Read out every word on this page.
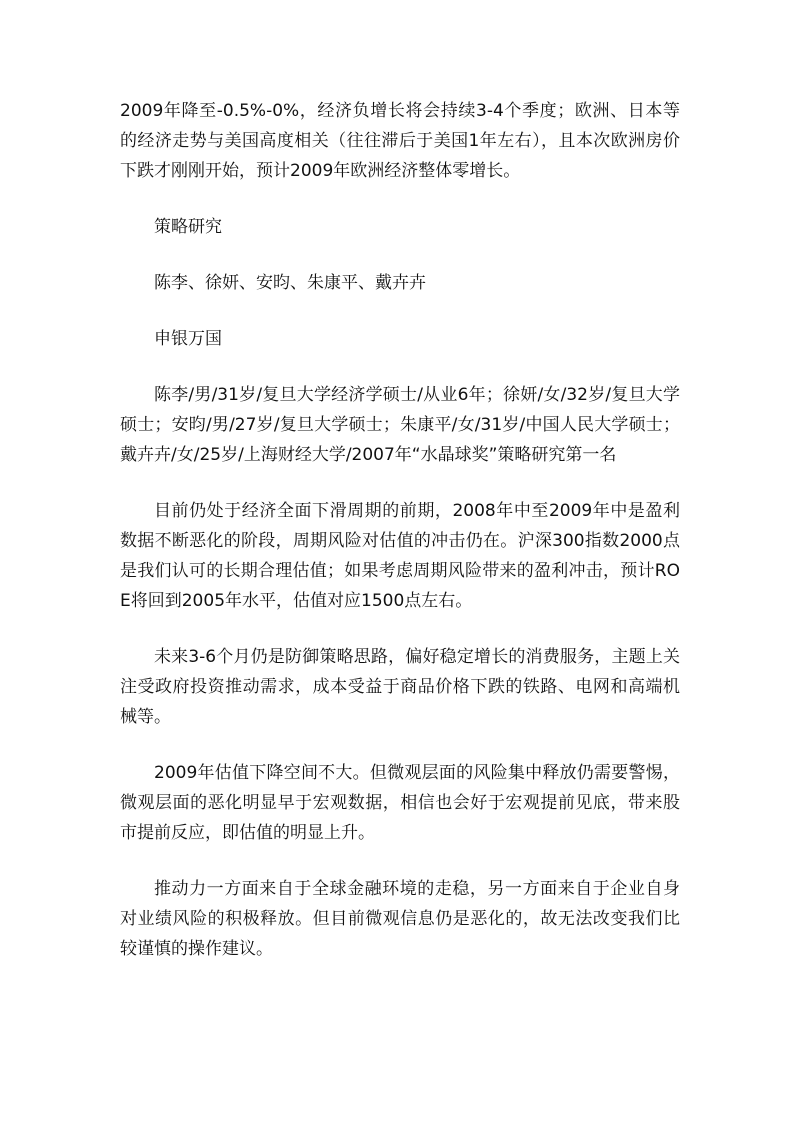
2009年降至-0.5%-0%，经济负增长将会持续3-4个季度；欧洲、日本等的经济走势与美国高度相关（往往滞后于美国1年左右），且本次欧洲房价下跌才刚刚开始，预计2009年欧洲经济整体零增长。

策略研究

陈李、徐妍、安昀、朱康平、戴卉卉

申银万国

陈李/男/31岁/复旦大学经济学硕士/从业6年；徐妍/女/32岁/复旦大学硕士；安昀/男/27岁/复旦大学硕士；朱康平/女/31岁/中国人民大学硕士；戴卉卉/女/25岁/上海财经大学/2007年“水晶球奖”策略研究第一名

目前仍处于经济全面下滑周期的前期，2008年中至2009年中是盈利数据不断恶化的阶段，周期风险对估值的冲击仍在。沪深300指数2000点是我们认可的长期合理估值；如果考虑周期风险带来的盈利冲击，预计ROE将回到2005年水平，估值对应1500点左右。

未来3-6个月仍是防御策略思路，偏好稳定增长的消费服务，主题上关注受政府投资推动需求，成本受益于商品价格下跌的铁路、电网和高端机械等。

2009年估值下降空间不大。但微观层面的风险集中释放仍需要警惕，微观层面的恶化明显早于宏观数据，相信也会好于宏观提前见底，带来股市提前反应，即估值的明显上升。

推动力一方面来自于全球金融环境的走稳，另一方面来自于企业自身对业绩风险的积极释放。但目前微观信息仍是恶化的，故无法改变我们比较谨慎的操作建议。
